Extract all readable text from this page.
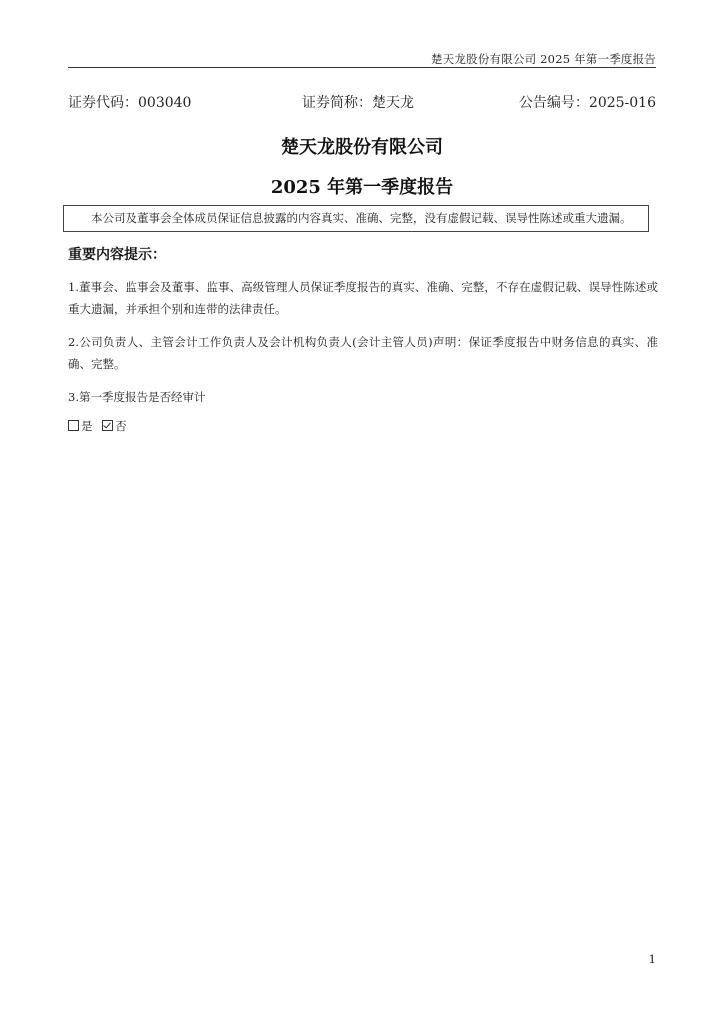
楚天龙股份有限公司 2025 年第一季度报告
证券代码：003040	证券简称：楚天龙	公告编号：2025-016
楚天龙股份有限公司
2025 年第一季度报告
本公司及董事会全体成员保证信息披露的内容真实、准确、完整，没有虚假记载、误导性陈述或重大遗漏。
重要内容提示：
1.董事会、监事会及董事、监事、高级管理人员保证季度报告的真实、准确、完整，不存在虚假记载、误导性陈述或重大遗漏，并承担个别和连带的法律责任。
2.公司负责人、主管会计工作负责人及会计机构负责人(会计主管人员)声明：保证季度报告中财务信息的真实、准确、完整。
3.第一季度报告是否经审计
是 否
1
